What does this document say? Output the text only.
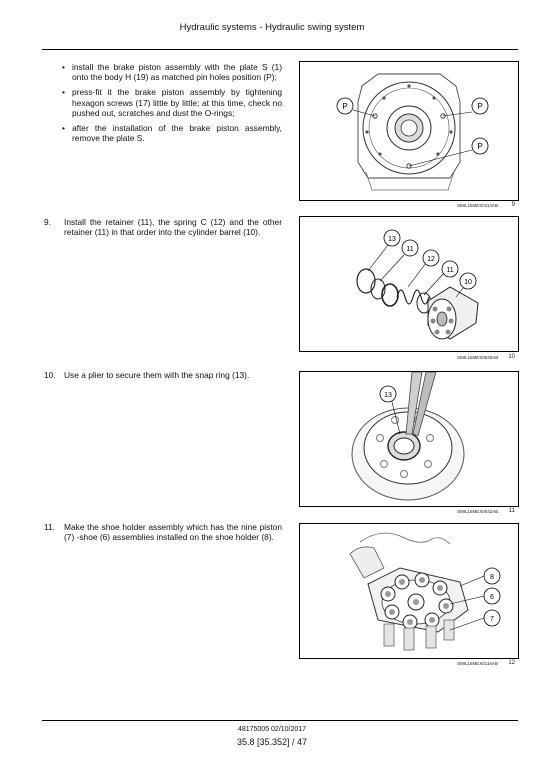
Hydraulic systems - Hydraulic swing system
• install the brake piston assembly with the plate S (1) onto the body H (19) as matched pin holes position (P);
• press-fit it the brake piston assembly by tightening hexagon screws (17) little by little; at this time, check no pushed out, scratches and dust the O-rings;
• after the installation of the brake piston assembly, remove the plate S.
P	P
P
SMIL16MEX0114AB 9
9.	Install the retainer (11), the spring C (12) and the other retainer (11) in that order into the cylinder barrel (10).
13
11
12
11
10
SMIL16MEX0040AB 10
10. Use a plier to secure them with the snap ring (13).
13
SMIL16MEX0042AB 11
11.	Make the shoe holder assembly which has the nine piston (7) -shoe (6) assemblies installed on the shoe holder (8).
8
6
7
SMIL16MEX0115AB 12
48175005 02/10/2017
35.8 [35.352] / 47
